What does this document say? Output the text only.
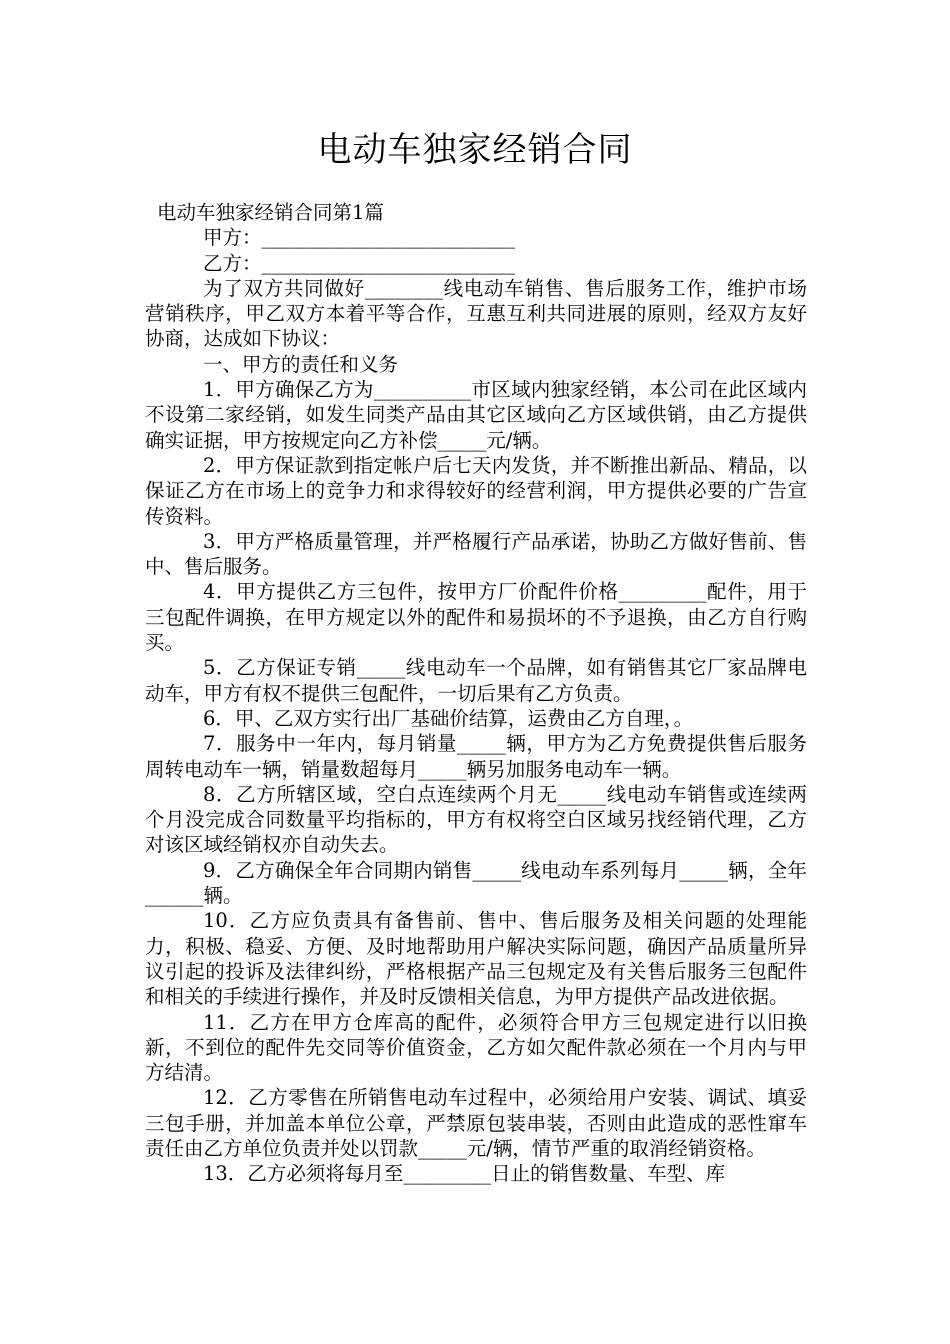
电动车独家经销合同

电动车独家经销合同第1篇

甲方：__________________________

乙方：__________________________

为了双方共同做好________线电动车销售、售后服务工作，维护市场营销秩序，甲乙双方本着平等合作，互惠互利共同进展的原则，经双方友好协商，达成如下协议：

一、甲方的责任和义务

1．甲方确保乙方为__________市区域内独家经销，本公司在此区域内不设第二家经销，如发生同类产品由其它区域向乙方区域供销，由乙方提供确实证据，甲方按规定向乙方补偿_____元/辆。

2．甲方保证款到指定帐户后七天内发货，并不断推出新品、精品，以保证乙方在市场上的竞争力和求得较好的经营利润，甲方提供必要的广告宣传资料。

3．甲方严格质量管理，并严格履行产品承诺，协助乙方做好售前、售中、售后服务。

4．甲方提供乙方三包件，按甲方厂价配件价格_________配件，用于三包配件调换，在甲方规定以外的配件和易损坏的不予退换，由乙方自行购买。

5．乙方保证专销_____线电动车一个品牌，如有销售其它厂家品牌电动车，甲方有权不提供三包配件，一切后果有乙方负责。

6．甲、乙双方实行出厂基础价结算，运费由乙方自理，。

7．服务中一年内，每月销量_____辆，甲方为乙方免费提供售后服务周转电动车一辆，销量数超每月_____辆另加服务电动车一辆。

8．乙方所辖区域，空白点连续两个月无_____线电动车销售或连续两个月没完成合同数量平均指标的，甲方有权将空白区域另找经销代理，乙方对该区域经销权亦自动失去。

9．乙方确保全年合同期内销售_____线电动车系列每月_____辆，全年______辆。

10．乙方应负责具有备售前、售中、售后服务及相关问题的处理能力，积极、稳妥、方便、及时地帮助用户解决实际问题，确因产品质量所异议引起的投诉及法律纠纷，严格根据产品三包规定及有关售后服务三包配件和相关的手续进行操作，并及时反馈相关信息，为甲方提供产品改进依据。

11．乙方在甲方仓库高的配件，必须符合甲方三包规定进行以旧换新，不到位的配件先交同等价值资金，乙方如欠配件款必须在一个月内与甲方结清。

12．乙方零售在所销售电动车过程中，必须给用户安装、调试、填妥三包手册，并加盖本单位公章，严禁原包装串装，否则由此造成的恶性窜车责任由乙方单位负责并处以罚款_____元/辆，情节严重的取消经销资格。

13．乙方必须将每月至_________日止的销售数量、车型、库
